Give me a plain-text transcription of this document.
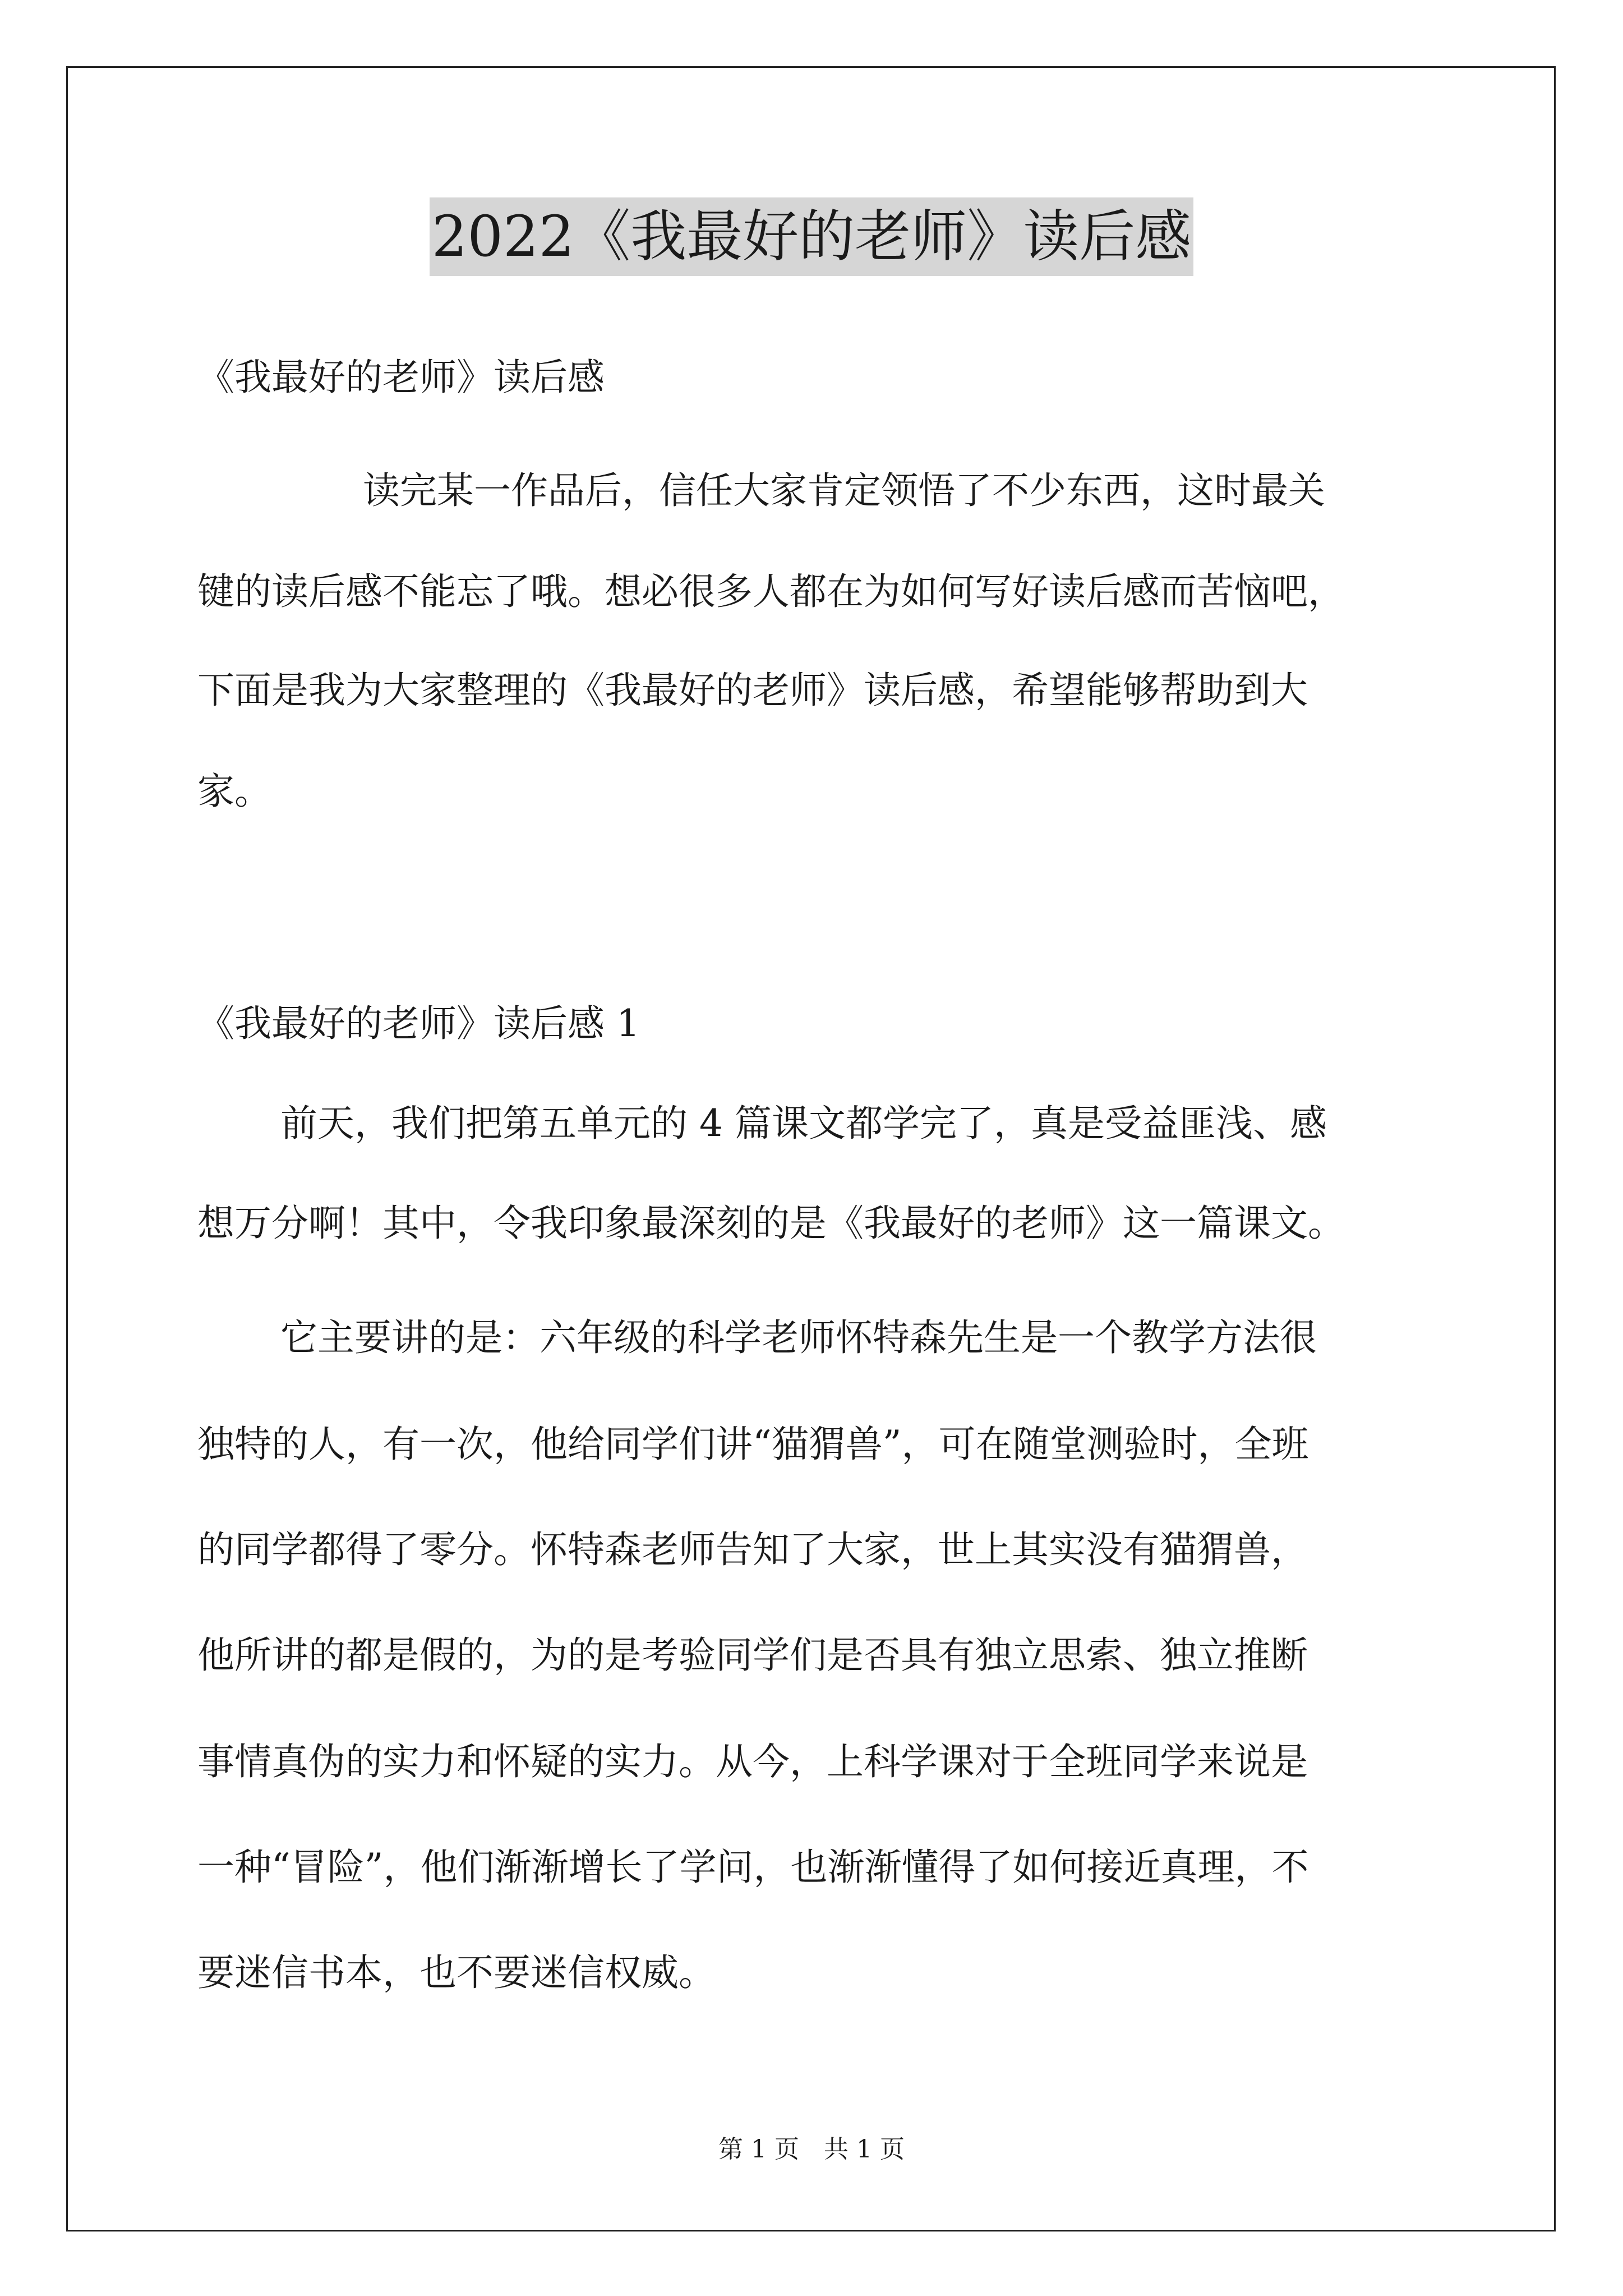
2022《我最好的老师》读后感
《我最好的老师》读后感
读完某一作品后，信任大家肯定领悟了不少东西，这时最关
键的读后感不能忘了哦。想必很多人都在为如何写好读后感而苦恼吧，
下面是我为大家整理的《我最好的老师》读后感，希望能够帮助到大
家。
《我最好的老师》读后感 1
前天，我们把第五单元的 4 篇课文都学完了，真是受益匪浅、感
想万分啊！其中，令我印象最深刻的是《我最好的老师》这一篇课文。
它主要讲的是：六年级的科学老师怀特森先生是一个教学方法很
独特的人，有一次，他给同学们讲“猫猬兽”，可在随堂测验时，全班
的同学都得了零分。怀特森老师告知了大家，世上其实没有猫猬兽，
他所讲的都是假的，为的是考验同学们是否具有独立思索、独立推断
事情真伪的实力和怀疑的实力。从今，上科学课对于全班同学来说是
一种“冒险”，他们渐渐增长了学问，也渐渐懂得了如何接近真理，不
要迷信书本，也不要迷信权威。
第 1 页　共 1 页
